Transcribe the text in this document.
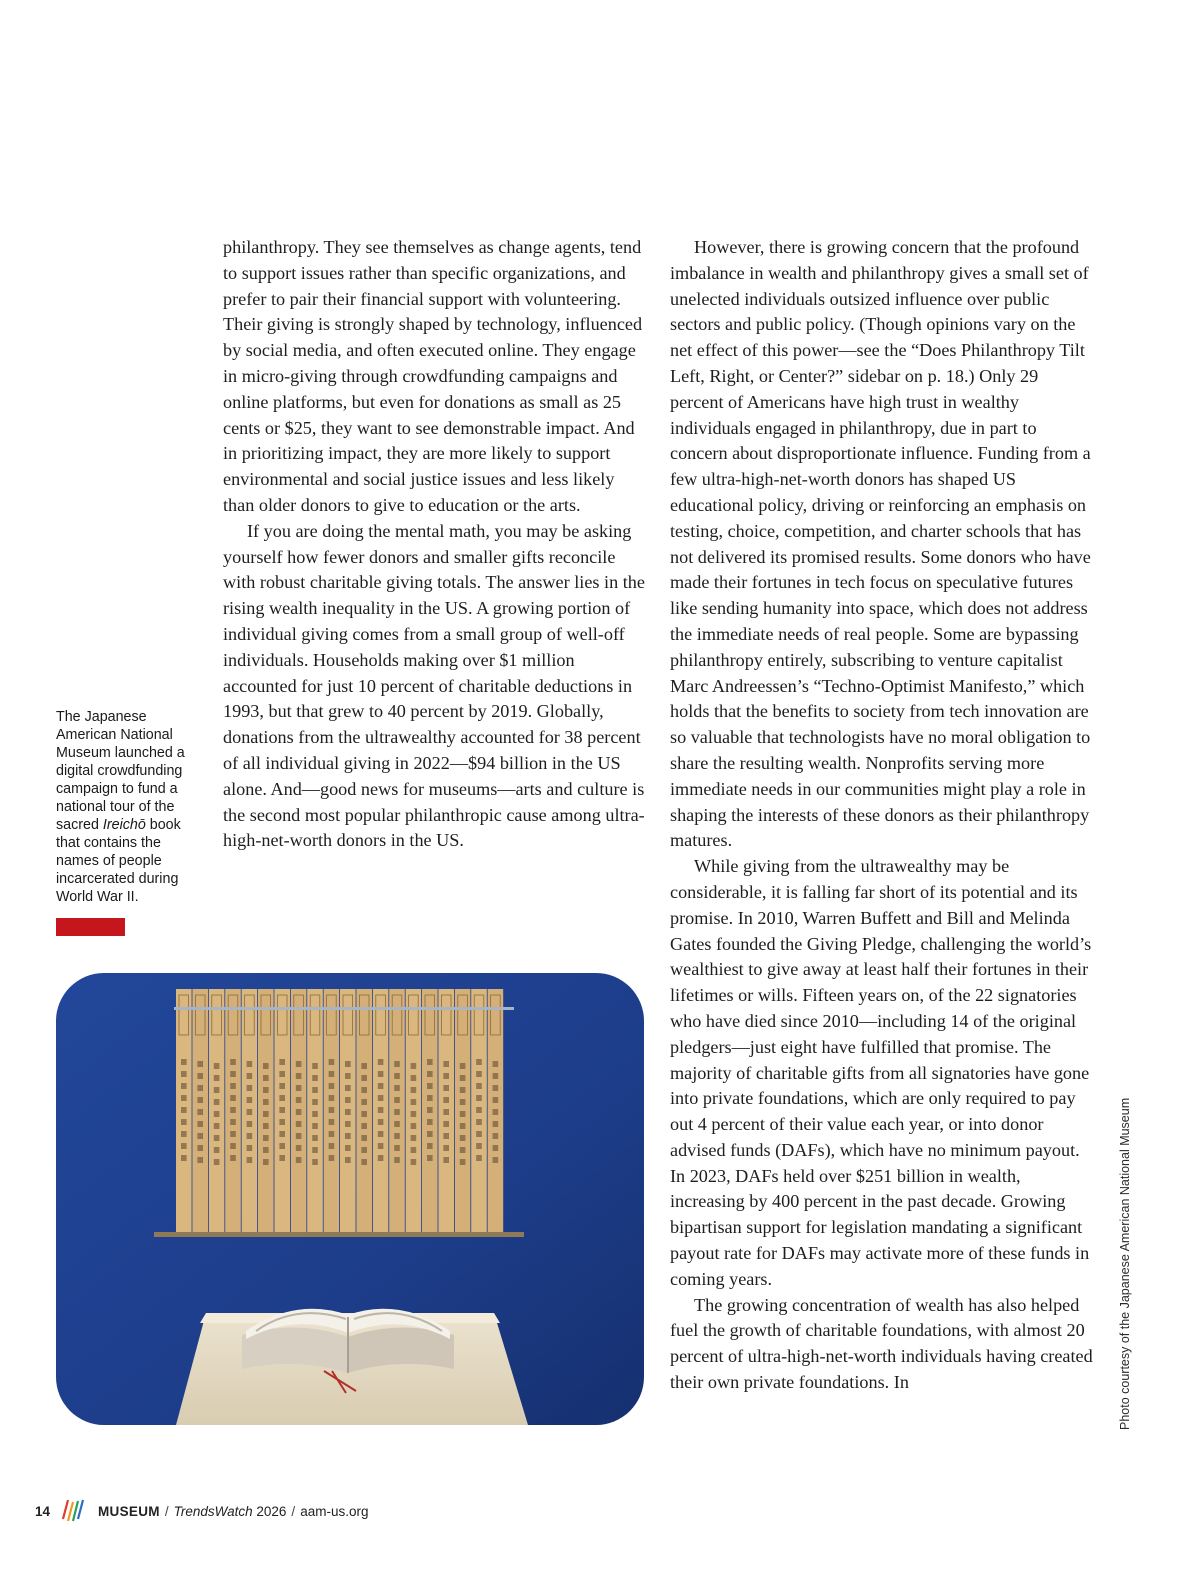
philanthropy. They see themselves as change agents, tend to support issues rather than specific organizations, and prefer to pair their financial support with volunteering. Their giving is strongly shaped by technology, influenced by social media, and often executed online. They engage in micro-giving through crowdfunding campaigns and online platforms, but even for donations as small as 25 cents or $25, they want to see demonstrable impact. And in prioritizing impact, they are more likely to support environmental and social justice issues and less likely than older donors to give to education or the arts.

If you are doing the mental math, you may be asking yourself how fewer donors and smaller gifts reconcile with robust charitable giving totals. The answer lies in the rising wealth inequality in the US. A growing portion of individual giving comes from a small group of well-off individuals. Households making over $1 million accounted for just 10 percent of charitable deductions in 1993, but that grew to 40 percent by 2019. Globally, donations from the ultrawealthy accounted for 38 percent of all individual giving in 2022—$94 billion in the US alone. And—good news for museums—arts and culture is the second most popular philanthropic cause among ultra-high-net-worth donors in the US.

However, there is growing concern that the profound imbalance in wealth and philanthropy gives a small set of unelected individuals outsized influence over public sectors and public policy. (Though opinions vary on the net effect of this power—see the “Does Philanthropy Tilt Left, Right, or Center?” sidebar on p. 18.) Only 29 percent of Americans have high trust in wealthy individuals engaged in philanthropy, due in part to concern about disproportionate influence. Funding from a few ultra-high-net-worth donors has shaped US educational policy, driving or reinforcing an emphasis on testing, choice, competition, and charter schools that has not delivered its promised results. Some donors who have made their fortunes in tech focus on speculative futures like sending humanity into space, which does not address the immediate needs of real people. Some are bypassing philanthropy entirely, subscribing to venture capitalist Marc Andreessen’s “Techno-Optimist Manifesto,” which holds that the benefits to society from tech innovation are so valuable that technologists have no moral obligation to share the resulting wealth. Nonprofits serving more immediate needs in our communities might play a role in shaping the interests of these donors as their philanthropy matures.

While giving from the ultrawealthy may be considerable, it is falling far short of its potential and its promise. In 2010, Warren Buffett and Bill and Melinda Gates founded the Giving Pledge, challenging the world’s wealthiest to give away at least half their fortunes in their lifetimes or wills. Fifteen years on, of the 22 signatories who have died since 2010—including 14 of the original pledgers—just eight have fulfilled that promise. The majority of charitable gifts from all signatories have gone into private foundations, which are only required to pay out 4 percent of their value each year, or into donor advised funds (DAFs), which have no minimum payout. In 2023, DAFs held over $251 billion in wealth, increasing by 400 percent in the past decade. Growing bipartisan support for legislation mandating a significant payout rate for DAFs may activate more of these funds in coming years.

The growing concentration of wealth has also helped fuel the growth of charitable foundations, with almost 20 percent of ultra-high-net-worth individuals having created their own private foundations. In

The Japanese American National Museum launched a digital crowdfunding campaign to fund a national tour of the sacred Ireichō book that contains the names of people incarcerated during World War II.
Photo courtesy of the Japanese American National Museum
14	MUSEUM / TrendsWatch
2026 / aam-us.org
